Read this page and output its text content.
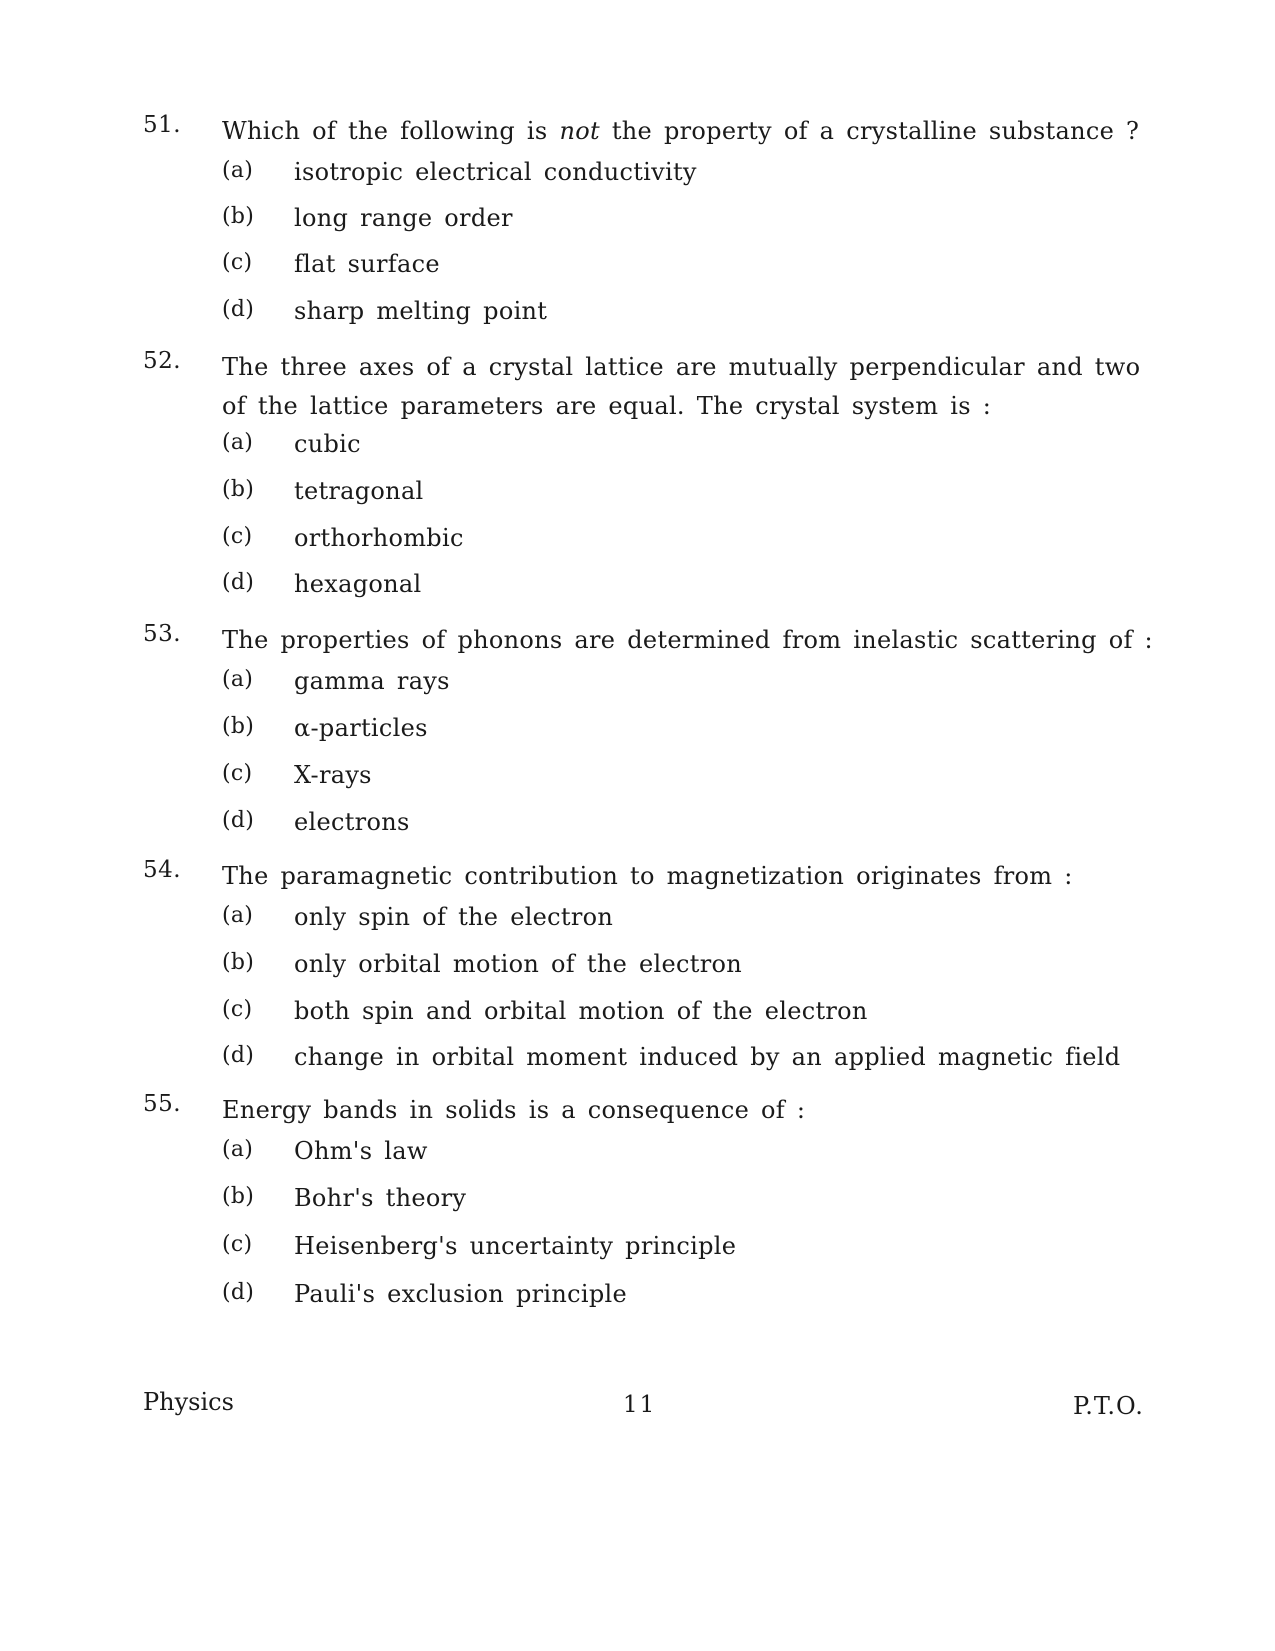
51. Which of the following is not the property of a crystalline substance ?
(a) isotropic electrical conductivity
(b) long range order
(c) flat surface
(d) sharp melting point
52. The three axes of a crystal lattice are mutually perpendicular and two of the lattice parameters are equal. The crystal system is :
(a) cubic
(b) tetragonal
(c) orthorhombic
(d) hexagonal
53. The properties of phonons are determined from inelastic scattering of :
(a) gamma rays
(b) α-particles
(c) X-rays
(d) electrons
54. The paramagnetic contribution to magnetization originates from :
(a) only spin of the electron
(b) only orbital motion of the electron
(c) both spin and orbital motion of the electron
(d) change in orbital moment induced by an applied magnetic field
55. Energy bands in solids is a consequence of :
(a) Ohm's law
(b) Bohr's theory
(c) Heisenberg's uncertainty principle
(d) Pauli's exclusion principle
Physics	11	P.T.O.
